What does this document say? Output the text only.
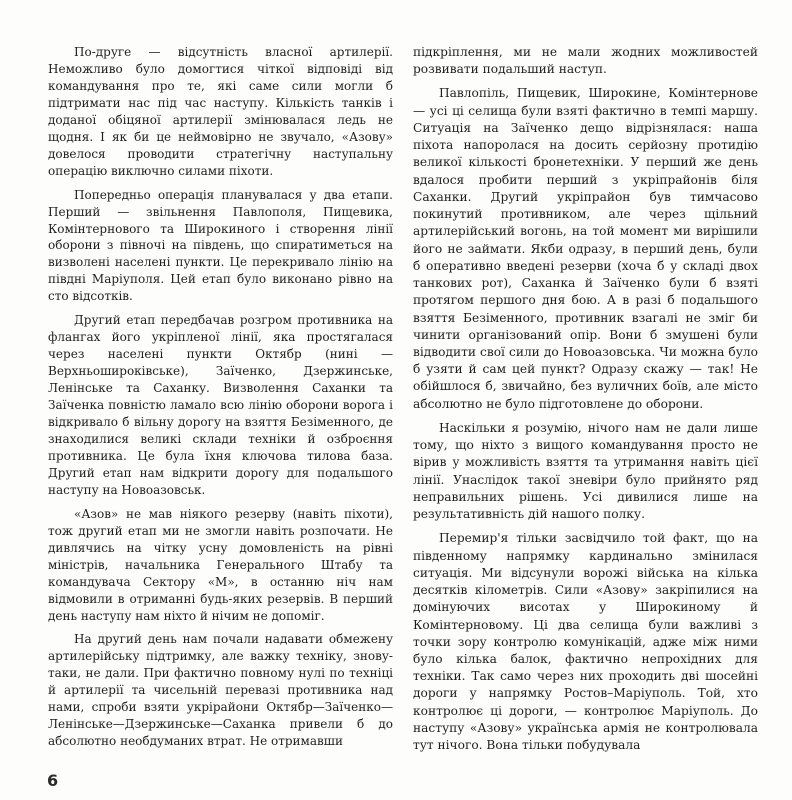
По-друге — відсутність власної артилерії. Неможливо було домогтися чіткої відповіді від командування про те, які саме сили могли б підтримати нас під час наступу. Кількість танків і доданої обіцяної артилерії змінювалася ледь не щодня. І як би це неймовірно не звучало, «Азову» довелося проводити стратегічну наступальну операцію виключно силами піхоти.

Попередньо операція планувалася у два етапи. Перший — звільнення Павлополя, Пищевика, Комінтернового та Широкиного і створення лінії оборони з півночі на південь, що спиратиметься на визволені населені пункти. Це перекривало лінію на півдні Маріуполя. Цей етап було виконано рівно на сто відсотків.

Другий етап передбачав розгром противника на флангах його укріпленої лінії, яка простягалася через населені пункти Октябр (нині — Верхньошироківське), Заїченко, Дзержинське, Ленінське та Саханку. Визволення Саханки та Заїченка повністю ламало всю лінію оборони ворога і відкривало б вільну дорогу на взяття Безіменного, де знаходилися великі склади техніки й озброєння противника. Це була їхня ключова тилова база. Другий етап нам відкрити дорогу для подальшого наступу на Новоазовськ.

«Азов» не мав ніякого резерву (навіть піхоти), тож другий етап ми не змогли навіть розпочати. Не дивлячись на чітку усну домовленість на рівні міністрів, начальника Генерального Штабу та командувача Сектору «М», в останню ніч нам відмовили в отриманні будь-яких резервів. В перший день наступу нам ніхто й нічим не допоміг.

На другий день нам почали надавати обмежену артилерійську підтримку, але важку техніку, знову-таки, не дали. При фактично повному нулі по техніці й артилерії та чисельній перевазі противника над нами, спроби взяти укрірайони Октябр—Заїченко—Ленінське—Дзержинське—Саханка привели б до абсолютно необдуманих втрат. Не отримавши

підкріплення, ми не мали жодних можливостей розвивати подальший наступ.

Павлопіль, Пищевик, Широкине, Комінтернове — усі ці селища були взяті фактично в темпі маршу. Ситуація на Заїченко дещо відрізнялася: наша піхота напоролася на досить серйозну протидію великої кількості бронетехніки. У перший же день вдалося пробити перший з укріпрайонів біля Саханки. Другий укріпрайон був тимчасово покинутий противником, але через щільний артилерійський вогонь, на той момент ми вирішили його не займати. Якби одразу, в перший день, були б оперативно введені резерви (хоча б у складі двох танкових рот), Саханка й Заїченко були б взяті протягом першого дня бою. А в разі б подальшого взяття Безіменного, противник взагалі не зміг би чинити організований опір. Вони б змушені були відводити свої сили до Новоазовська. Чи можна було б узяти й сам цей пункт? Одразу скажу — так! Не обійшлося б, звичайно, без вуличних боїв, але місто абсолютно не було підготовлене до оборони.

Наскільки я розумію, нічого нам не дали лише тому, що ніхто з вищого командування просто не вірив у можливість взяття та утримання навіть цієї лінії. Унаслідок такої зневіри було прийнято ряд неправильних рішень. Усі дивилися лише на результативність дій нашого полку.

Перемир'я тільки засвідчило той факт, що на південному напрямку кардинально змінилася ситуація. Ми відсунули ворожі війська на кілька десятків кілометрів. Сили «Азову» закріпилися на домінуючих висотах у Широкиному й Комінтерновому. Ці два селища були важливі з точки зору контролю комунікацій, адже між ними було кілька балок, фактично непрохідних для техніки. Так само через них проходить дві шосейні дороги у напрямку Ростов–Маріуполь. Той, хто контролює ці дороги, — контролює Маріуполь. До наступу «Азову» українська армія не контролювала тут нічого. Вона тільки побудувала

6
